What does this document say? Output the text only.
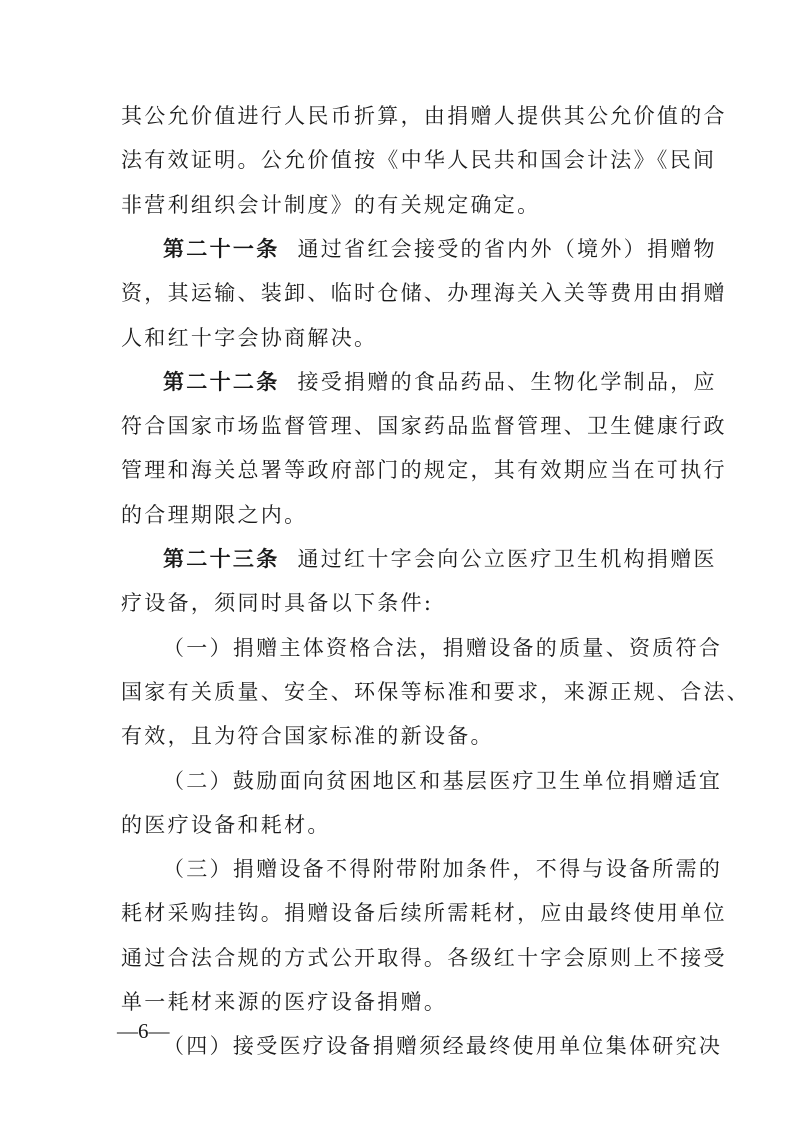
其公允价值进行人民币折算，由捐赠人提供其公允价值的合
法有效证明。公允价值按《中华人民共和国会计法》《民间
非营利组织会计制度》的有关规定确定。
第二十一条 通过省红会接受的省内外（境外）捐赠物
资，其运输、装卸、临时仓储、办理海关入关等费用由捐赠
人和红十字会协商解决。
第二十二条 接受捐赠的食品药品、生物化学制品，应
符合国家市场监督管理、国家药品监督管理、卫生健康行政
管理和海关总署等政府部门的规定，其有效期应当在可执行
的合理期限之内。
第二十三条 通过红十字会向公立医疗卫生机构捐赠医
疗设备，须同时具备以下条件:
（一）捐赠主体资格合法，捐赠设备的质量、资质符合
国家有关质量、安全、环保等标准和要求，来源正规、合法、
有效，且为符合国家标准的新设备。
（二）鼓励面向贫困地区和基层医疗卫生单位捐赠适宜
的医疗设备和耗材。
（三）捐赠设备不得附带附加条件，不得与设备所需的
耗材采购挂钩。捐赠设备后续所需耗材，应由最终使用单位
通过合法合规的方式公开取得。各级红十字会原则上不接受
单一耗材来源的医疗设备捐赠。
（四）接受医疗设备捐赠须经最终使用单位集体研究决
—6—
